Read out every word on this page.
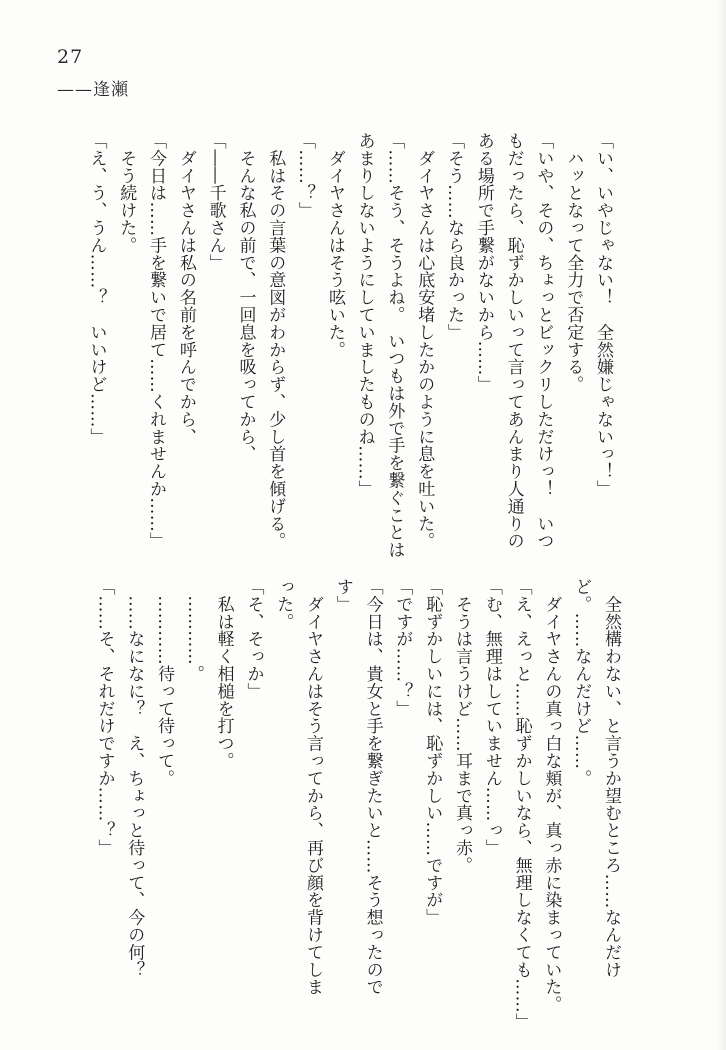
27
——逢瀬

「い、いやじゃない！　全然嫌じゃないっ！」

　ハッとなって全力で否定する。

「いや、その、ちょっとビックリしただけっ！　いつ

もだったら、恥ずかしいって言ってあんまり人通りの

ある場所で手繋がないから……」

「そう……なら良かった」

　ダイヤさんは心底安堵したかのように息を吐いた。

「……そう、そうよね。　いつもは外で手を繋ぐことは

あまりしないようにしていましたものね……」

　ダイヤさんはそう呟いた。

「……？」

　私はその言葉の意図がわからず、少し首を傾げる。

　そんな私の前で、一回息を吸ってから、

「――千歌さん」

　ダイヤさんは私の名前を呼んでから、

「今日は……手を繋いで居て……くれませんか……」

　そう続けた。

「え、う、うん……？　いいけど……」

　全然構わない、と言うか望むところ……なんだけ

ど。……なんだけど……。

　ダイヤさんの真っ白な頬が、真っ赤に染まっていた。

「え、えっと……恥ずかしいなら、無理しなくても……」

「む、無理はしていません……っ」

　そうは言うけど……耳まで真っ赤。

「恥ずかしいには、恥ずかしい……ですが」

「ですが……？」

「今日は、貴女と手を繋ぎたいと……そう想ったので

す」

　ダイヤさんはそう言ってから、再び顔を背けてしま

った。

「そ、そっか」

　私は軽く相槌を打つ。

　…………。

　…………待って待って。

　……なになに？　え、ちょっと待って、今の何？

「……そ、それだけですか……？」
